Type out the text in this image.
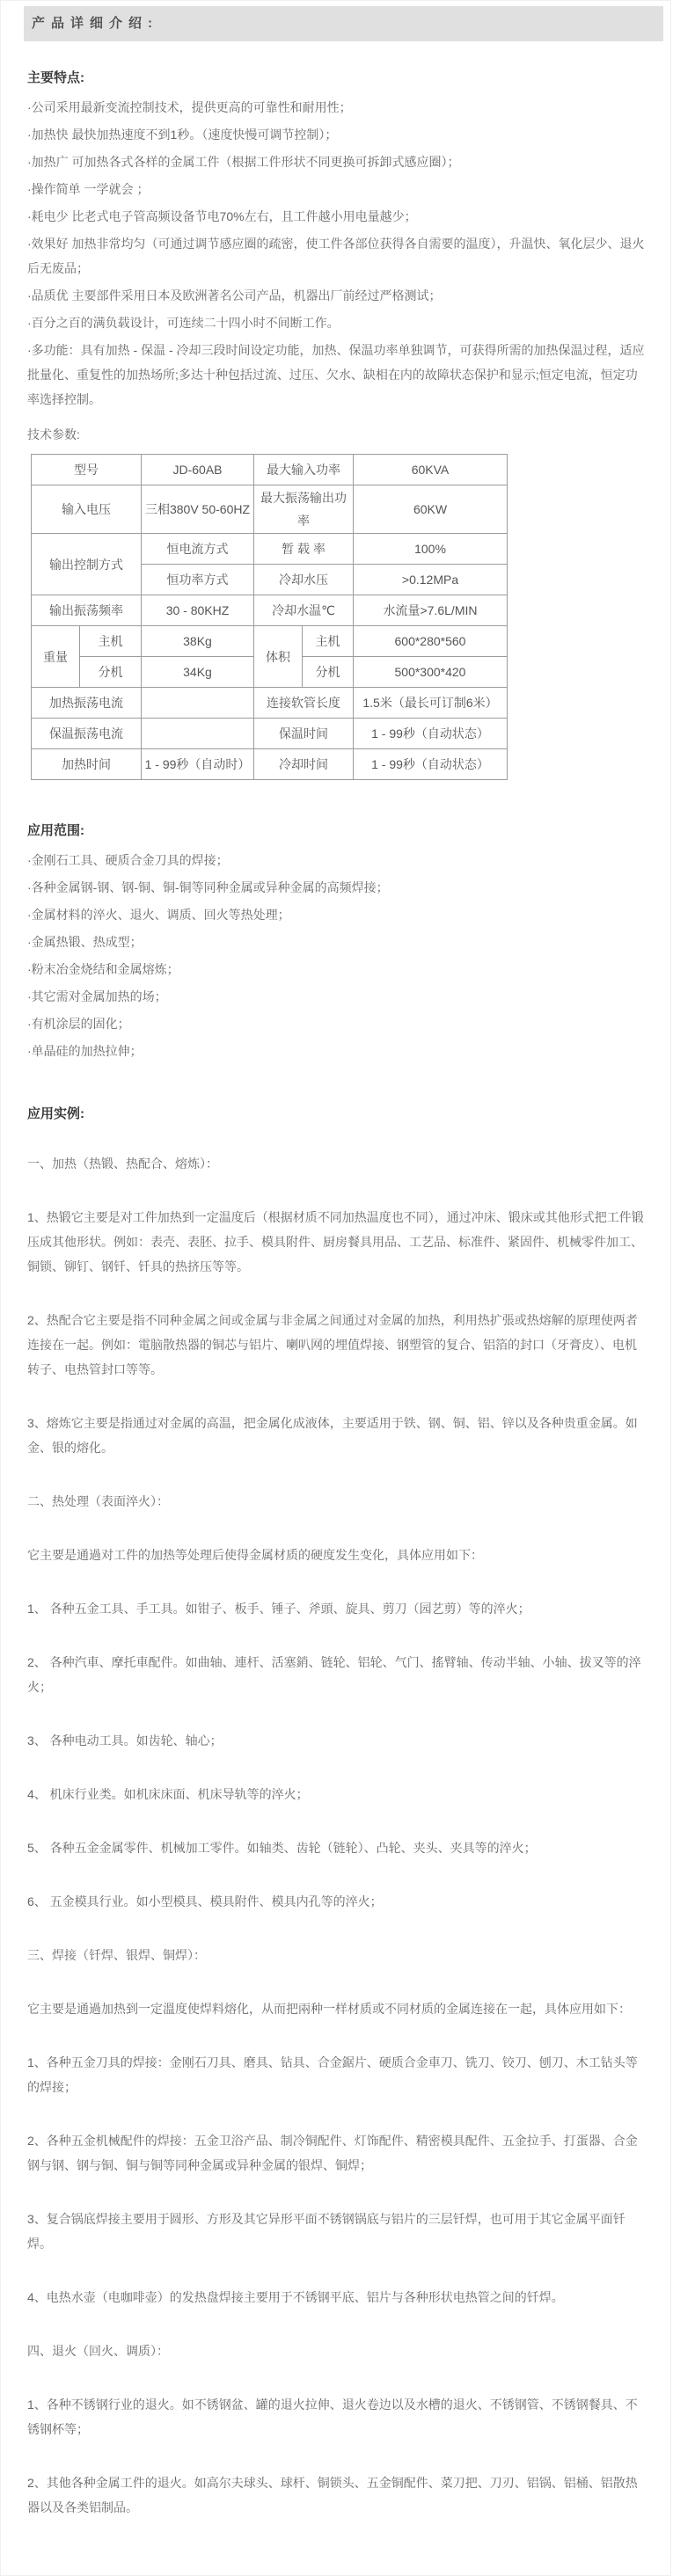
产品详细介绍:

主要特点:

·公司采用最新变流控制技术，提供更高的可靠性和耐用性；

·加热快 最快加热速度不到1秒。（速度快慢可调节控制）；

·加热广 可加热各式各样的金属工件（根据工件形状不同更换可拆卸式感应圈）；

·操作简单 一学就会 ；

·耗电少 比老式电子管高频设备节电70%左右，且工件越小用电量越少；

·效果好 加热非常均匀（可通过调节感应圈的疏密，使工件各部位获得各自需要的温度），升温快、氧化层少、退火后无废品；

·品质优 主要部件采用日本及欧洲著名公司产品，机器出厂前经过严格测试；

·百分之百的满负载设计，可连续二十四小时不间断工作。

·多功能：具有加热 - 保温 - 冷却三段时间设定功能，加热、保温功率单独调节，可获得所需的加热保温过程，适应批量化、重复性的加热场所;多达十种包括过流、过压、欠水、缺相在内的故障状态保护和显示;恒定电流，恒定功率选择控制。

技术参数:

型号		JD-60AB	最大输入功率		60KVA
输入电压		三相380V 50-60HZ	最大振荡输出功率		60KW
输出控制方式		恒电流方式	暂 载 率		100%
		恒功率方式	冷却水压		>0.12MPa
输出振荡频率		30 - 80KHZ	冷却水温℃		水流量>7.6L/MIN
重量	主机	38Kg	体积	主机	600*280*560
	分机	34Kg		分机	500*300*420
加热振荡电流			连接软管长度		1.5米（最长可订制6米）
保温振荡电流			保温时间		1 - 99秒（自动状态）
加热时间		1 - 99秒（自动时）	冷却时间		1 - 99秒（自动状态）

应用范围:

·金刚石工具、硬质合金刀具的焊接；

·各种金属钢-钢、钢-铜、铜-铜等同种金属或异种金属的高频焊接；

·金属材料的淬火、退火、调质、回火等热处理；

·金属热锻、热成型；

·粉末冶金烧结和金属熔炼；

·其它需对金属加热的场；

·有机涂层的固化；

·单晶硅的加热拉伸；

应用实例:

一、加热（热锻、热配合、熔炼）：

1、热锻它主要是对工件加热到一定温度后（根据材质不同加热温度也不同），通过冲床、锻床或其他形式把工件锻压成其他形状。例如：表壳、表胚、拉手、模具附件、厨房餐具用品、工艺品、标准件、紧固件、机械零件加工、铜锁、铆钉、钢钎、钎具的热挤压等等。

2、热配合它主要是指不同种金属之间或金属与非金属之间通过对金属的加热，利用热扩張或热熔解的原理使两者连接在一起。例如：電脑散热器的铜芯与铝片、喇叭网的埋值焊接、钢塑管的复合、铝箔的封口（牙膏皮）、电机转子、电热管封口等等。

3、熔炼它主要是指通过对金属的高温，把金属化成液体，主要适用于铁、钢、铜、铝、锌以及各种贵重金属。如金、银的熔化。

二、热处理（表面淬火）：

它主要是通過对工件的加热等处理后使得金属材质的硬度发生变化，具体应用如下：

1、 各种五金工具、手工具。如钳子、板手、锤子、斧頭、旋具、剪刀（园艺剪）等的淬火；

2、 各种汽車、摩托車配件。如曲轴、連杆、活塞銷、链轮、铝轮、气门、搖臂轴、传动半轴、小轴、拔叉等的淬火；

3、 各种电动工具。如齿轮、轴心；

4、 机床行业类。如机床床面、机床导轨等的淬火；

5、 各种五金金属零件、机械加工零件。如轴类、齿轮（链轮）、凸轮、夹头、夹具等的淬火；

6、 五金模具行业。如小型模具、模具附件、模具内孔等的淬火；

三、焊接（钎焊、银焊、铜焊）：

它主要是通過加热到一定溫度使焊料熔化，从而把兩种一样材质或不同材质的金属连接在一起，具体应用如下：

1、各种五金刀具的焊接：金刚石刀具、磨具、钻具、合金鋸片、硬质合金車刀、铣刀、铰刀、刨刀、木工钻头等的焊接；

2、各种五金机械配件的焊接：五金卫浴产品、制冷铜配件、灯饰配件、精密模具配件、五金拉手、打蛋器、合金钢与钢、钢与铜、铜与铜等同种金属或异种金属的银焊、铜焊；

3、复合锅底焊接主要用于圆形、方形及其它异形平面不锈钢锅底与铝片的三层钎焊，也可用于其它金属平面钎焊。

4、电热水壶（电咖啡壶）的发热盘焊接主要用于不锈钢平底、铝片与各种形状电热管之间的钎焊。

四、退火（回火、调质）：

1、各种不锈钢行业的退火。如不锈钢盆、罐的退火拉伸、退火卷边以及水槽的退火、不锈钢管、不锈钢餐具、不锈钢杯等；

2、其他各种金属工件的退火。如高尔夫球头、球杆、铜锁头、五金铜配件、菜刀把、刀刃、铝锅、铝桶、铝散热器以及各类铝制品。
